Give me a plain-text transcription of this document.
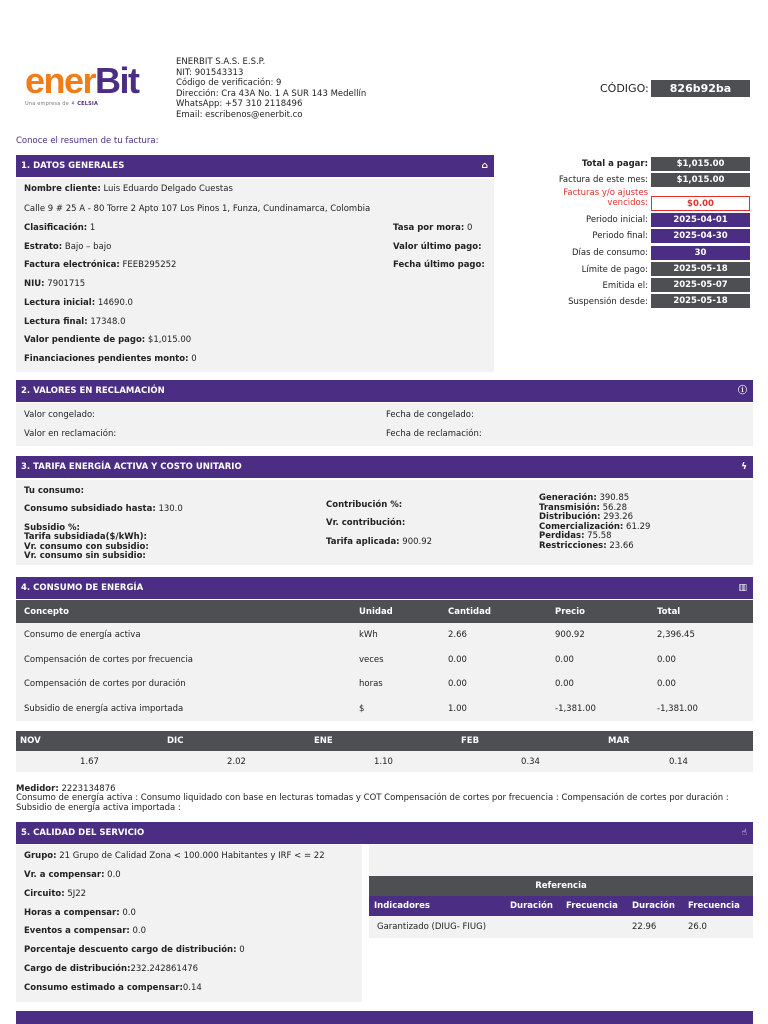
enerBit
Una empresa de ⚘ CELSIA
ENERBIT S.A.S. E.S.P.
NIT: 901543313
Código de verificación: 9
Dirección: Cra 43A No. 1 A SUR 143 Medellín
WhatsApp: +57 310 2118496
Email: escribenos@enerbit.co
CÓDIGO:	826b92ba
Conoce el resumen de tu factura:
Total a pagar:	$1,015.00
Factura de este mes:	$1,015.00
Facturas y/o ajustes vencidos:	$0.00
Periodo inicial:	2025-04-01
Periodo final:	2025-04-30
Días de consumo:	30
Límite de pago:	2025-05-18
Emitida el:	2025-05-07
Suspensión desde:	2025-05-18
1. DATOS GENERALES	⌂
Nombre cliente: Luis Eduardo Delgado Cuestas
Calle 9 # 25 A - 80 Torre 2 Apto 107 Los Pinos 1, Funza, Cundinamarca, Colombia
Clasificación: 1
Estrato: Bajo – bajo
Factura electrónica: FEEB295252
NIU: 7901715
Lectura inicial: 14690.0
Lectura final: 17348.0
Valor pendiente de pago: $1,015.00
Financiaciones pendientes monto: 0
Tasa por mora: 0
Valor último pago:
Fecha último pago:
2. VALORES EN RECLAMACIÓN	ⓘ
Valor congelado:
Valor en reclamación:
Fecha de congelado:
Fecha de reclamación:
3. TARIFA ENERGÍA ACTIVA Y COSTO UNITARIO	ϟ
Tu consumo:
Consumo subsidiado hasta: 130.0
Subsidio %:
Tarifa subsidiada($/kWh):
Vr. consumo con subsidio:
Vr. consumo sin subsidio:
Contribución %:
Vr. contribución:
Tarifa aplicada: 900.92
Generación: 390.85
Transmisión: 56.28
Distribución: 293.26
Comercialización: 61.29
Perdidas: 75.58
Restricciones: 23.66
4. CONSUMO DE ENERGÍA	▥
Concepto	Unidad	Cantidad	Precio	Total
Consumo de energía activa	kWh	2.66	900.92	2,396.45
Compensación de cortes por frecuencia	veces	0.00	0.00	0.00
Compensación de cortes por duración	horas	0.00	0.00	0.00
Subsidio de energía activa importada	$	1.00	-1,381.00	-1,381.00
NOV	DIC	ENE	FEB	MAR
1.67	2.02	1.10	0.34	0.14
Medidor: 2223134876
Consumo de energía activa : Consumo liquidado con base en lecturas tomadas y COT Compensación de cortes por frecuencia : Compensación de cortes por duración : Subsidio de energía activa importada :
5. CALIDAD DEL SERVICIO	☝
Grupo: 21 Grupo de Calidad Zona < 100.000 Habitantes y IRF < = 22
Vr. a compensar: 0.0
Circuito: 5J22
Horas a compensar: 0.0
Eventos a compensar: 0.0
Porcentaje descuento cargo de distribución: 0
Cargo de distribución:232.242861476
Consumo estimado a compensar:0.14
Referencia				
Indicadores	Duración	Frecuencia	Duración	Frecuencia
Garantizado (DIUG- FIUG)			22.96	26.0
